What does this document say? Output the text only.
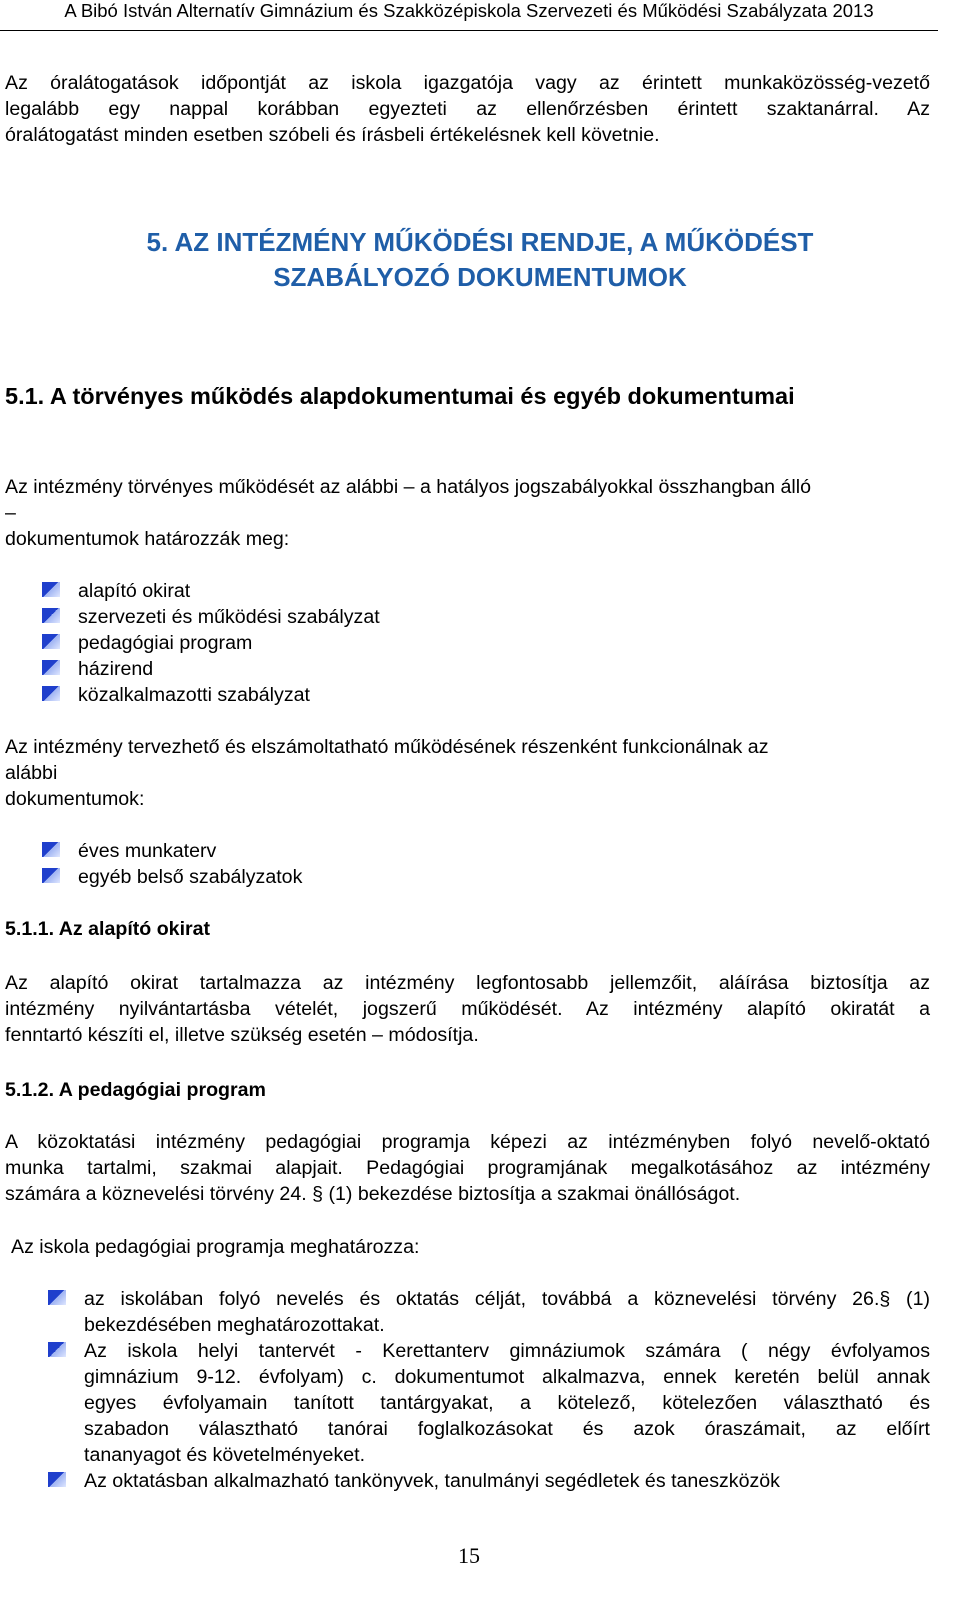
A Bibó István Alternatív Gimnázium és Szakközépiskola Szervezeti és Működési Szabályzata 2013
Az óralátogatások időpontját az iskola igazgatója vagy az érintett munkaközösség-vezető
legalább egy nappal korábban egyezteti az ellenőrzésben érintett szaktanárral. Az
óralátogatást minden esetben szóbeli és írásbeli értékelésnek kell követnie.
5. AZ INTÉZMÉNY MŰKÖDÉSI RENDJE, A MŰKÖDÉST
SZABÁLYOZÓ DOKUMENTUMOK
5.1. A törvényes működés alapdokumentumai és egyéb dokumentumai
Az intézmény törvényes működését az alábbi – a hatályos jogszabályokkal összhangban álló
–
dokumentumok határozzák meg:
alapító okirat
szervezeti és működési szabályzat
pedagógiai program
házirend
közalkalmazotti szabályzat
Az intézmény tervezhető és elszámoltatható működésének részenként funkcionálnak az
alábbi
dokumentumok:
éves munkaterv
egyéb belső szabályzatok
5.1.1. Az alapító okirat
Az alapító okirat tartalmazza az intézmény legfontosabb jellemzőit, aláírása biztosítja az
intézmény nyilvántartásba vételét, jogszerű működését. Az intézmény alapító okiratát a
fenntartó készíti el, illetve szükség esetén – módosítja.
5.1.2. A pedagógiai program
A közoktatási intézmény pedagógiai programja képezi az intézményben folyó nevelő-oktató
munka tartalmi, szakmai alapjait. Pedagógiai programjának megalkotásához az intézmény
számára a köznevelési törvény 24. § (1) bekezdése biztosítja a szakmai önállóságot.
Az iskola pedagógiai programja meghatározza:
az iskolában folyó nevelés és oktatás célját, továbbá a köznevelési törvény 26.§ (1)
bekezdésében meghatározottakat.
Az iskola helyi tantervét - Kerettanterv gimnáziumok számára ( négy évfolyamos
gimnázium 9-12. évfolyam) c. dokumentumot alkalmazva, ennek keretén belül annak
egyes évfolyamain tanított tantárgyakat, a kötelező, kötelezően választható és
szabadon választható tanórai foglalkozásokat és azok óraszámait, az előírt
tananyagot és követelményeket.
Az oktatásban alkalmazható tankönyvek, tanulmányi segédletek és taneszközök
15
